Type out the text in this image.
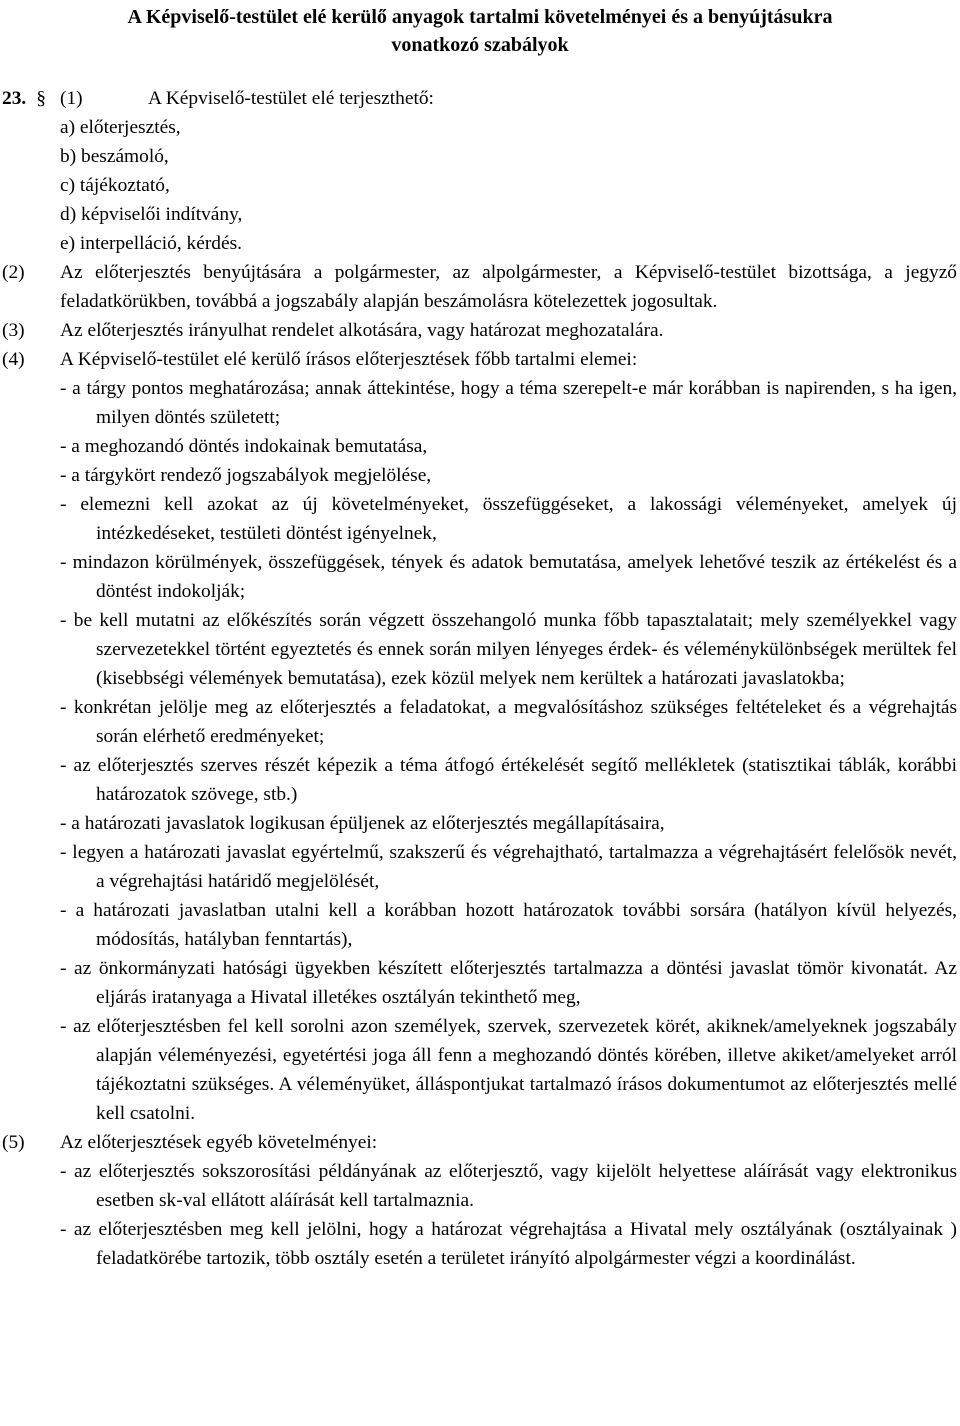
A Képviselő-testület elé kerülő anyagok tartalmi követelményei és a benyújtásukra
vonatkozó szabályok
23. § (1)	A Képviselő-testület elé terjeszthető:
a) előterjesztés,
b) beszámoló,
c) tájékoztató,
d) képviselői indítvány,
e) interpelláció, kérdés.
(2)	Az előterjesztés benyújtására a polgármester, az alpolgármester, a Képviselő-testület bizottsága, a jegyző feladatkörükben, továbbá a jogszabály alapján beszámolásra kötelezettek jogosultak.
(3)	Az előterjesztés irányulhat rendelet alkotására, vagy határozat meghozatalára.
(4)	A Képviselő-testület elé kerülő írásos előterjesztések főbb tartalmi elemei:
- a tárgy pontos meghatározása; annak áttekintése, hogy a téma szerepelt-e már korábban is napirenden, s ha igen, milyen döntés született;
- a meghozandó döntés indokainak bemutatása,
- a tárgykört rendező jogszabályok megjelölése,
- elemezni kell azokat az új követelményeket, összefüggéseket, a lakossági véleményeket, amelyek új intézkedéseket, testületi döntést igényelnek,
- mindazon körülmények, összefüggések, tények és adatok bemutatása, amelyek lehetővé teszik az értékelést és a döntést indokolják;
- be kell mutatni az előkészítés során végzett összehangoló munka főbb tapasztalatait; mely személyekkel vagy szervezetekkel történt egyeztetés és ennek során milyen lényeges érdek- és véleménykülönbségek merültek fel (kisebbségi vélemények bemutatása), ezek közül melyek nem kerültek a határozati javaslatokba;
- konkrétan jelölje meg az előterjesztés a feladatokat, a megvalósításhoz szükséges feltételeket és a végrehajtás során elérhető eredményeket;
- az előterjesztés szerves részét képezik a téma átfogó értékelését segítő mellékletek (statisztikai táblák, korábbi határozatok szövege, stb.)
- a határozati javaslatok logikusan épüljenek az előterjesztés megállapításaira,
- legyen a határozati javaslat egyértelmű, szakszerű és végrehajtható, tartalmazza a végrehajtásért felelősök nevét, a végrehajtási határidő megjelölését,
- a határozati javaslatban utalni kell a korábban hozott határozatok további sorsára (hatályon kívül helyezés, módosítás, hatályban fenntartás),
- az önkormányzati hatósági ügyekben készített előterjesztés tartalmazza a döntési javaslat tömör kivonatát. Az eljárás iratanyaga a Hivatal illetékes osztályán tekinthető meg,
- az előterjesztésben fel kell sorolni azon személyek, szervek, szervezetek körét, akiknek/amelyeknek jogszabály alapján véleményezési, egyetértési joga áll fenn a meghozandó döntés körében, illetve akiket/amelyeket arról tájékoztatni szükséges. A véleményüket, álláspontjukat tartalmazó írásos dokumentumot az előterjesztés mellé kell csatolni.
(5)	Az előterjesztések egyéb követelményei:
- az előterjesztés sokszorosítási példányának az előterjesztő, vagy kijelölt helyettese aláírását vagy elektronikus esetben sk-val ellátott aláírását kell tartalmaznia.
- az előterjesztésben meg kell jelölni, hogy a határozat végrehajtása a Hivatal mely osztályának (osztályainak ) feladatkörébe tartozik, több osztály esetén a területet irányító alpolgármester végzi a koordinálást.
